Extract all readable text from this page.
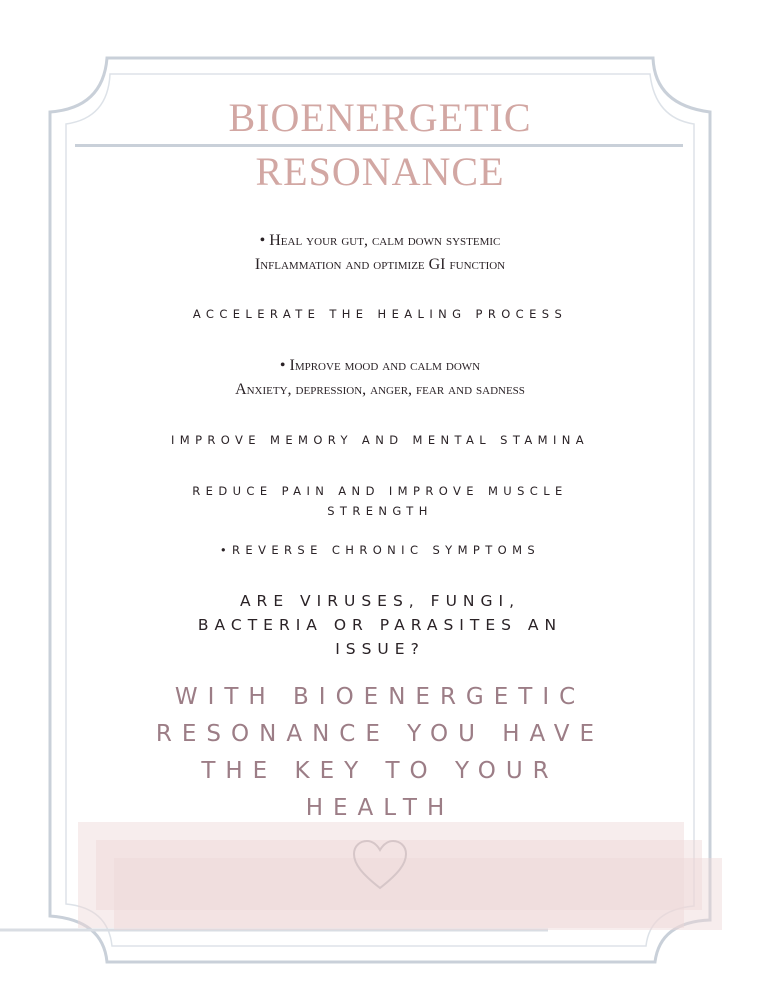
BIOENERGETIC
RESONANCE
• Heal your gut, calm down systemic
Inflammation and optimize GI function
ACCELERATE THE HEALING PROCESS
• Improve mood and calm down
Anxiety, depression, anger, fear and sadness
IMPROVE MEMORY AND MENTAL STAMINA
REDUCE PAIN AND IMPROVE MUSCLE
STRENGTH
•REVERSE CHRONIC SYMPTOMS
ARE VIRUSES, FUNGI,
BACTERIA OR PARASITES AN
ISSUE?
WITH BIOENERGETIC
RESONANCE YOU HAVE
THE KEY TO YOUR
HEALTH
